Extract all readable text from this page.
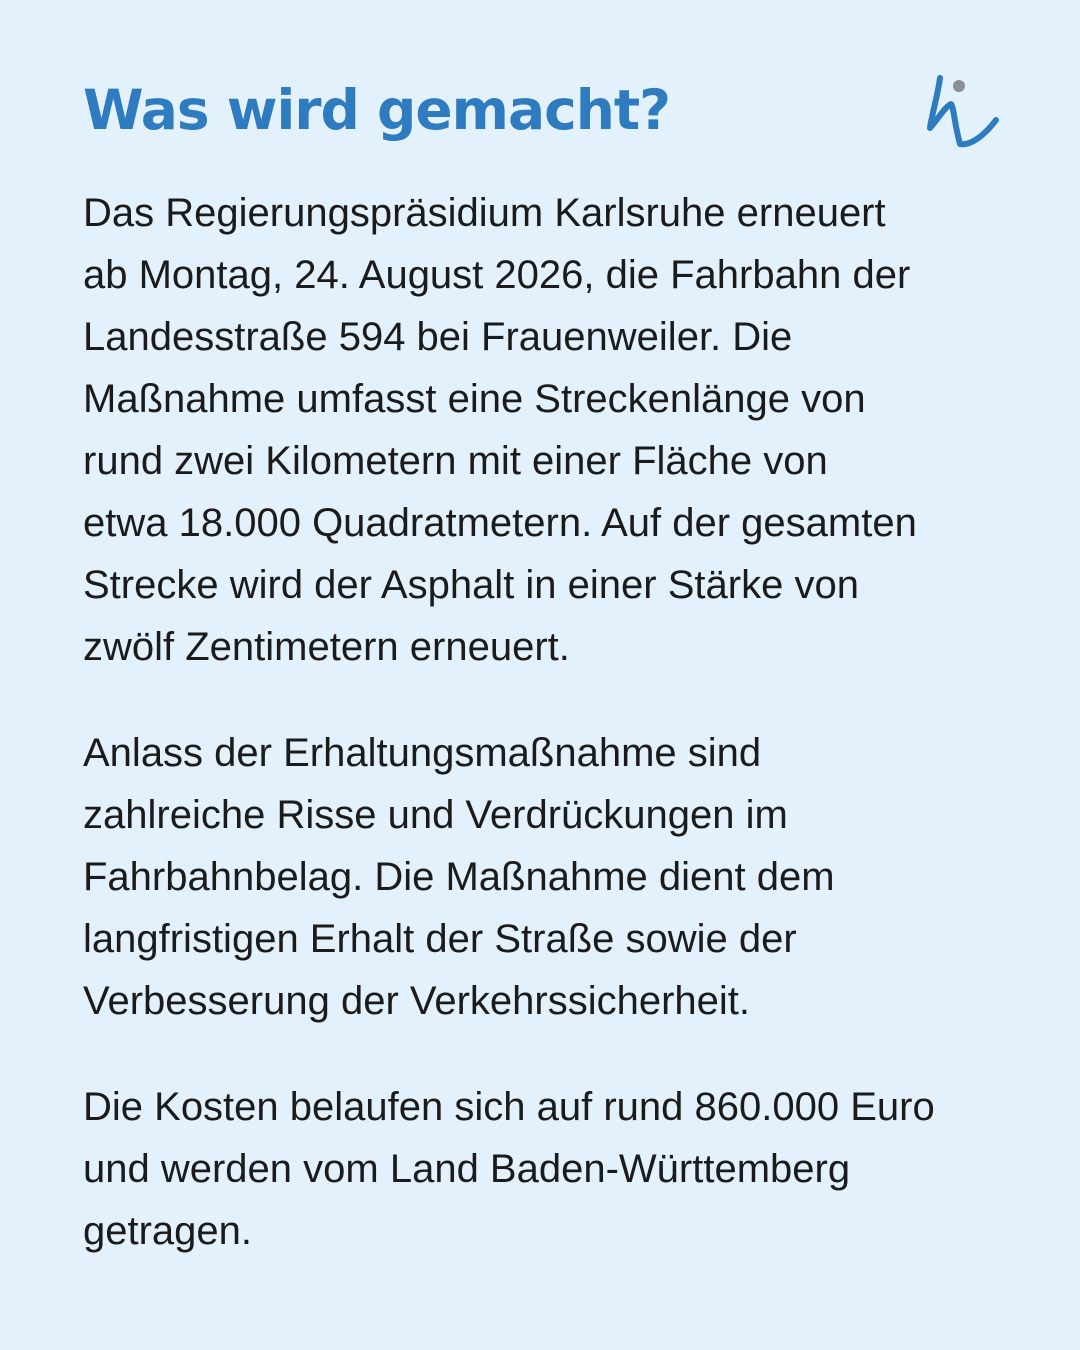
Was wird gemacht?

Das Regierungspräsidium Karlsruhe erneuert
ab Montag, 24. August 2026, die Fahrbahn der
Landesstraße 594 bei Frauenweiler. Die
Maßnahme umfasst eine Streckenlänge von
rund zwei Kilometern mit einer Fläche von
etwa 18.000 Quadratmetern. Auf der gesamten
Strecke wird der Asphalt in einer Stärke von
zwölf Zentimetern erneuert.

Anlass der Erhaltungsmaßnahme sind
zahlreiche Risse und Verdrückungen im
Fahrbahnbelag. Die Maßnahme dient dem
langfristigen Erhalt der Straße sowie der
Verbesserung der Verkehrssicherheit.

Die Kosten belaufen sich auf rund 860.000 Euro
und werden vom Land Baden-Württemberg
getragen.
